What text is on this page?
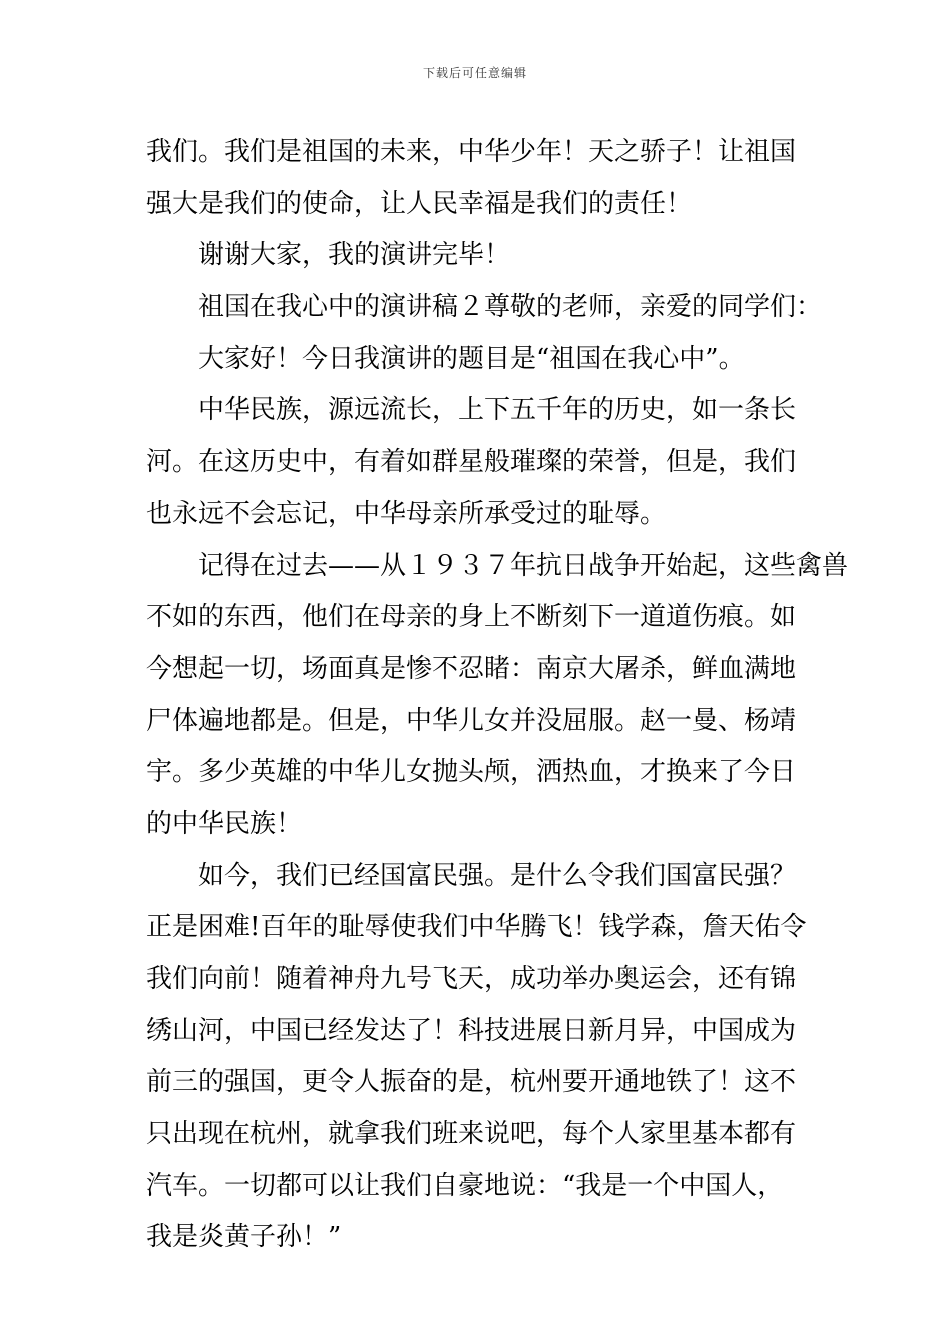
下载后可任意编辑
我们。我们是祖国的未来，中华少年！天之骄子！让祖国
强大是我们的使命，让人民幸福是我们的责任！
谢谢大家，我的演讲完毕！
祖国在我心中的演讲稿２尊敬的老师，亲爱的同学们：
大家好！今日我演讲的题目是“祖国在我心中”。
中华民族，源远流长，上下五千年的历史，如一条长
河。在这历史中，有着如群星般璀璨的荣誉，但是，我们
也永远不会忘记，中华母亲所承受过的耻辱。
记得在过去——从１９３７年抗日战争开始起，这些禽兽
不如的东西，他们在母亲的身上不断刻下一道道伤痕。如
今想起一切，场面真是惨不忍睹：南京大屠杀，鲜血满地
尸体遍地都是。但是，中华儿女并没屈服。赵一曼、杨靖
宇。多少英雄的中华儿女抛头颅，洒热血，才换来了今日
的中华民族！
如今，我们已经国富民强。是什么令我们国富民强？
正是困难!百年的耻辱使我们中华腾飞！钱学森，詹天佑令
我们向前！随着神舟九号飞天，成功举办奥运会，还有锦
绣山河，中国已经发达了！科技进展日新月异，中国成为
前三的强国，更令人振奋的是，杭州要开通地铁了！这不
只出现在杭州，就拿我们班来说吧，每个人家里基本都有
汽车。一切都可以让我们自豪地说：“我是一个中国人，
我是炎黄子孙！”
